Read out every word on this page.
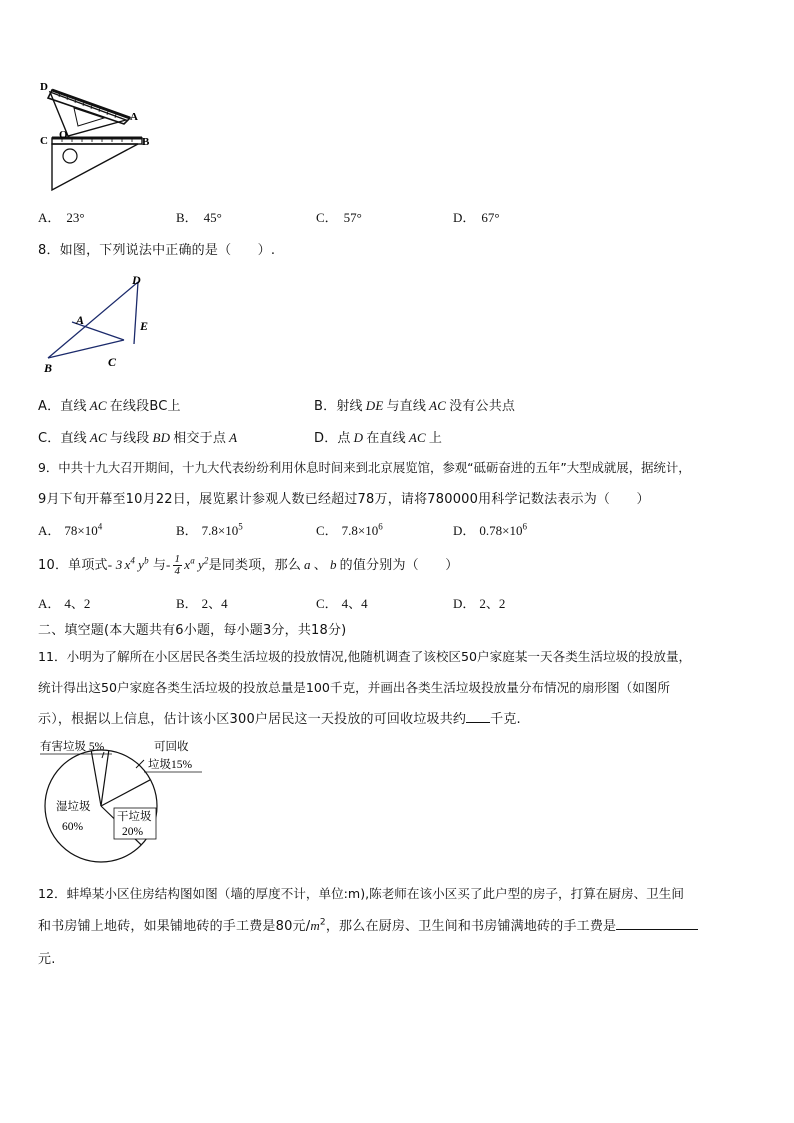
D
A
C O
B
A． 23°	B． 45°	C． 57°	D． 67°
8．如图，下列说法中正确的是（　　）.
D
A	E
B	C
A．直线 AC 在线段BC上	B．射线 DE 与直线 AC 没有公共点
C．直线 AC 与线段 BD 相交于点 A	D．点 D 在直线 AC 上
9．中共十九大召开期间，十九大代表纷纷利用休息时间来到北京展览馆，参观“砥砺奋进的五年”大型成就展，据统计，
9月下旬开幕至10月22日，展览累计参观人数已经超过78万，请将780000用科学记数法表示为（　　）
A． $78\times 10^4$	B． $7.8\times 10^5$	C． $7.8\times 10^6$	D． $0.78\times 10^6$
10．单项式- 3 $x^4$ $y^b$ 与- $\frac{1}{4} x^a$ $y^2$是同类项，那么 a 、 b 的值分别为（　　）
A． 4、2	B． 2、4	C． 4、4	D． 2、2
二、填空题(本大题共有6小题，每小题3分，共18分)
11．小明为了解所在小区居民各类生活垃圾的投放情况,他随机调查了该校区50户家庭某一天各类生活垃圾的投放量，
统计得出这50户家庭各类生活垃圾的投放总量是100千克，并画出各类生活垃圾投放量分布情况的扇形图（如图所
示），根据以上信息，估计该小区300户居民这一天投放的可回收垃圾共约 千克.
有害垃圾 5%	可回收
垃圾15%
干垃圾
20%
湿垃圾
60%
12．蚌埠某小区住房结构图如图（墙的厚度不计，单位:m),陈老师在该小区买了此户型的房子，打算在厨房、卫生间
和书房铺上地砖，如果铺地砖的手工费是80元$/m^2$，那么在厨房、卫生间和书房铺满地砖的手工费是
元.
